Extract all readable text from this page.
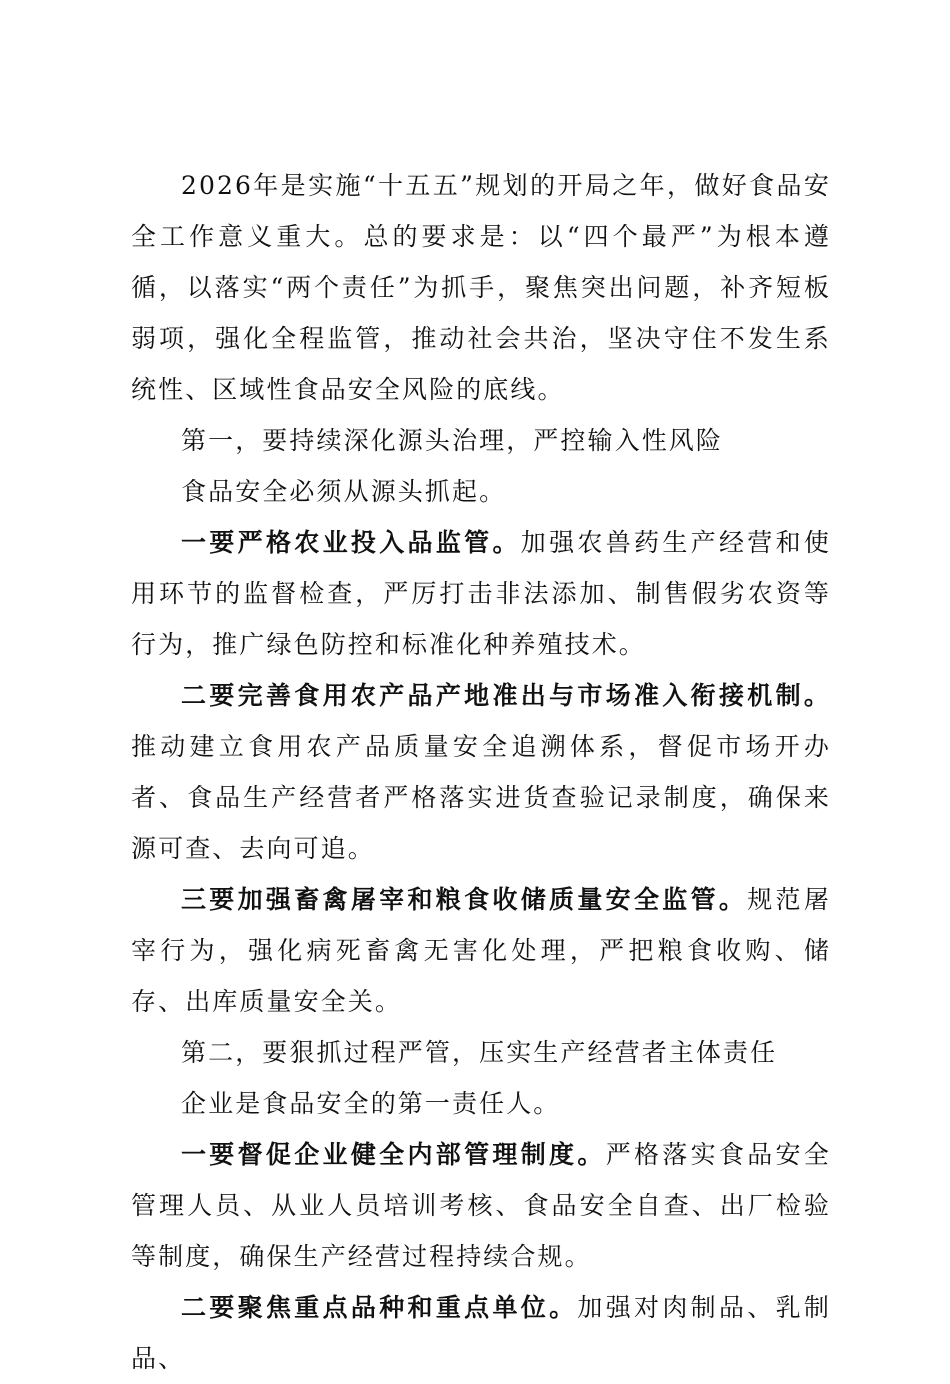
2026年是实施“十五五”规划的开局之年，做好食品安全工作意义重大。总的要求是：以“四个最严”为根本遵循，以落实“两个责任”为抓手，聚焦突出问题，补齐短板弱项，强化全程监管，推动社会共治，坚决守住不发生系统性、区域性食品安全风险的底线。

第一，要持续深化源头治理，严控输入性风险

食品安全必须从源头抓起。

一要严格农业投入品监管。加强农兽药生产经营和使用环节的监督检查，严厉打击非法添加、制售假劣农资等行为，推广绿色防控和标准化种养殖技术。

二要完善食用农产品产地准出与市场准入衔接机制。推动建立食用农产品质量安全追溯体系，督促市场开办者、食品生产经营者严格落实进货查验记录制度，确保来源可查、去向可追。

三要加强畜禽屠宰和粮食收储质量安全监管。规范屠宰行为，强化病死畜禽无害化处理，严把粮食收购、储存、出库质量安全关。

第二，要狠抓过程严管，压实生产经营者主体责任

企业是食品安全的第一责任人。

一要督促企业健全内部管理制度。严格落实食品安全管理人员、从业人员培训考核、食品安全自查、出厂检验等制度，确保生产经营过程持续合规。

二要聚焦重点品种和重点单位。加强对肉制品、乳制品、
